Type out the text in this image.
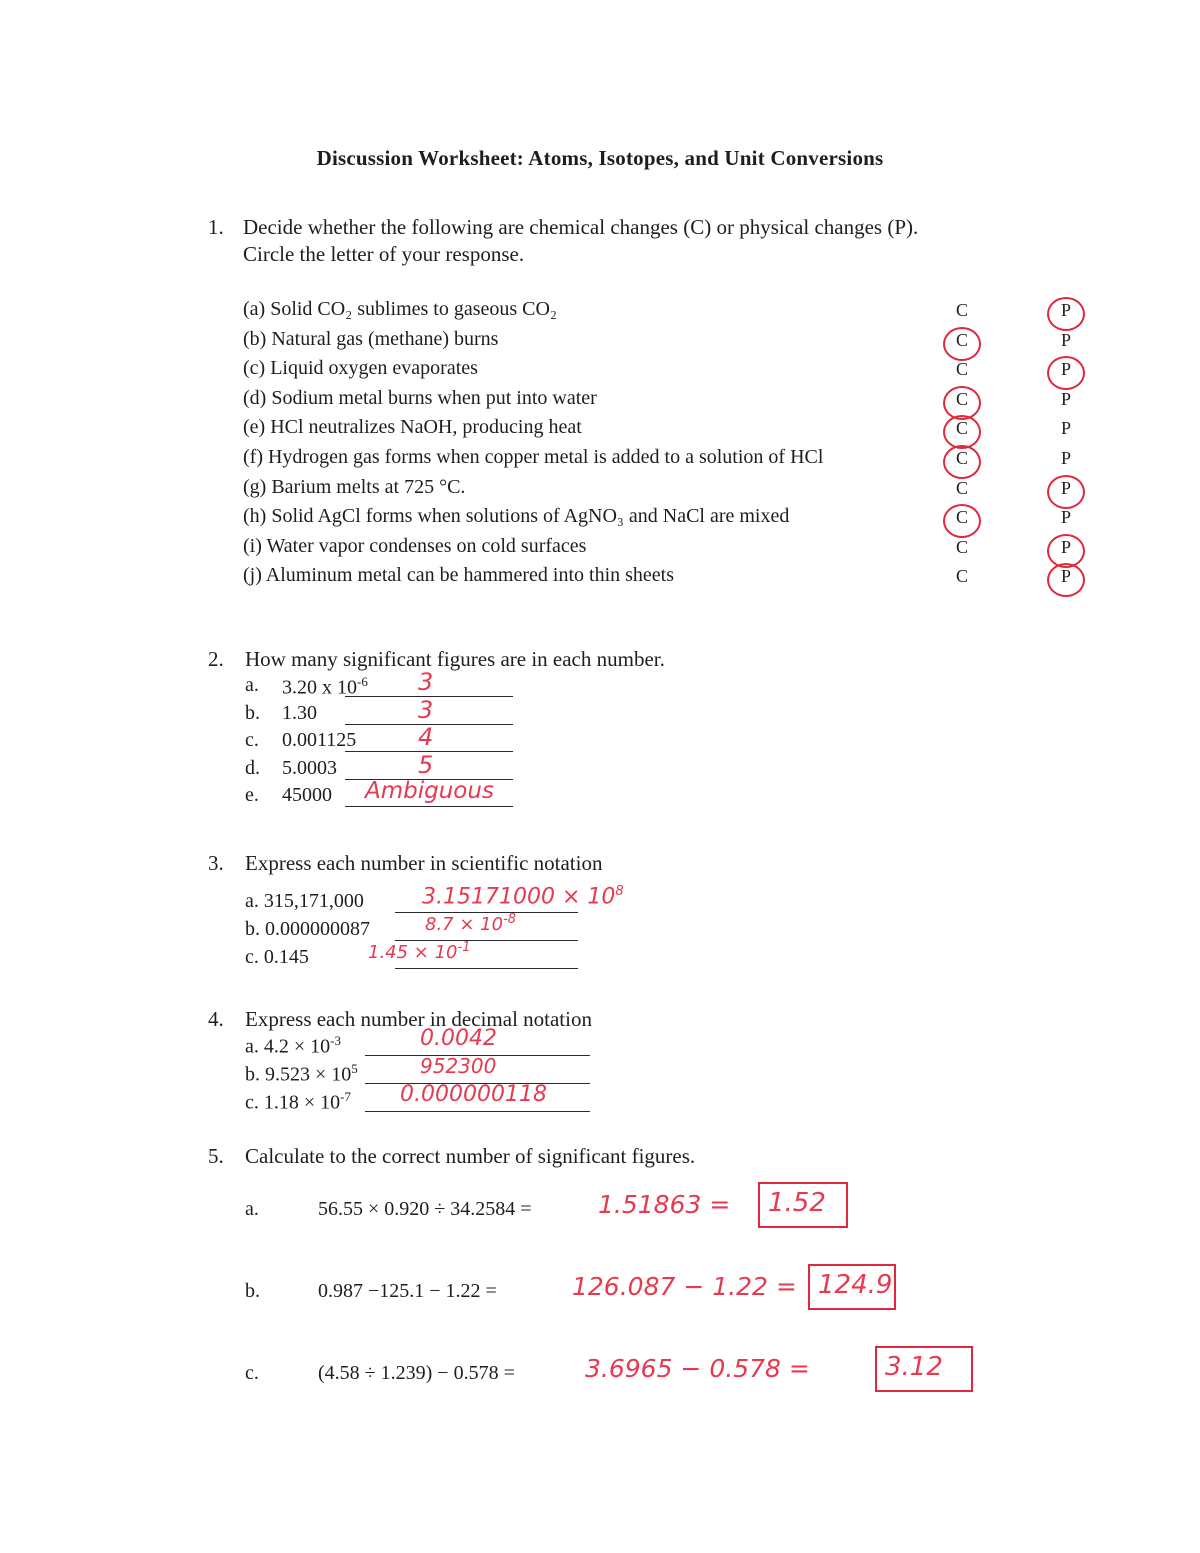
Discussion Worksheet: Atoms, Isotopes, and Unit Conversions
1. Decide whether the following are chemical changes (C) or physical changes (P).
Circle the letter of your response.
2. How many significant figures are in each number.
3. Express each number in scientific notation
4. Express each number in decimal notation
5. Calculate to the correct number of significant figures.
(a) Solid CO₂ sublimes to gaseous CO₂	C	P
(b) Natural gas (methane) burns	C	P
(c) Liquid oxygen evaporates	C	P
(d) Sodium metal burns when put into water	C	P
(e) HCl neutralizes NaOH, producing heat	C	P
(f) Hydrogen gas forms when copper metal is added to a solution of HCl	C	P
(g) Barium melts at 725 °C.	C	P
(h) Solid AgCl forms when solutions of AgNO₃ and NaCl are mixed	C	P
(i) Water vapor condenses on cold surfaces	C	P
(j) Aluminum metal can be hammered into thin sheets	C	P
a. 3.20 x $10^{-6}$ 3
b. 1.30	3
c. 0.001125	4
d. 5.0003	5
e. 45000 Ambiguous
a. 315,171,000	$3.15171000 \times 10^8$
b. 0.000000087	$8.7 \times 10^{-8}$
c. 0.145	$1.45 \times 10^{-1}$
a. $4.2 \times 10^{-3}$	0.0042
b. $9.523 \times 10^5$	952300
c. $1.18 \times 10^{-7}$ 0.000000118
a.	56.55 × 0.920 ÷ 34.2584 =	1.51863 = 1.52
b.	0.987 −125.1 − 1.22 =	126.087 − 1.22 = 124.9
c.	(4.58 ÷ 1.239) − 0.578 =	3.6965 − 0.578 =	3.12
